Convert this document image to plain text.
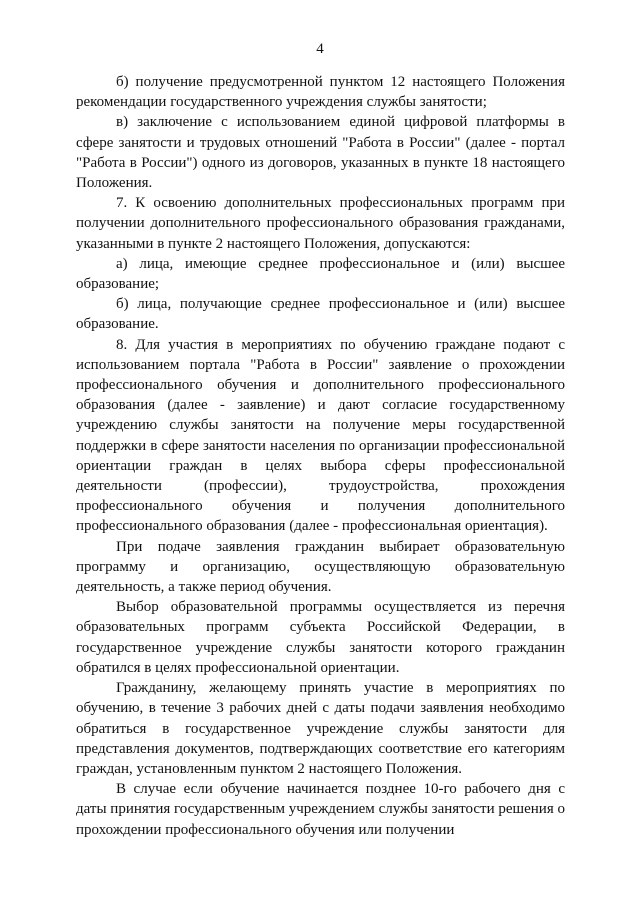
4

б) получение предусмотренной пунктом 12 настоящего Положения рекомендации государственного учреждения службы занятости;

в) заключение с использованием единой цифровой платформы в сфере занятости и трудовых отношений "Работа в России" (далее - портал "Работа в России") одного из договоров, указанных в пункте 18 настоящего Положения.

7. К освоению дополнительных профессиональных программ при получении дополнительного профессионального образования гражданами, указанными в пункте 2 настоящего Положения, допускаются:

а) лица, имеющие среднее профессиональное и (или) высшее образование;

б) лица, получающие среднее профессиональное и (или) высшее образование.

8. Для участия в мероприятиях по обучению граждане подают с использованием портала "Работа в России" заявление о прохождении профессионального обучения и дополнительного профессионального образования (далее - заявление) и дают согласие государственному учреждению службы занятости на получение меры государственной поддержки в сфере занятости населения по организации профессиональной ориентации граждан в целях выбора сферы профессиональной деятельности (профессии), трудоустройства, прохождения профессионального обучения и получения дополнительного профессионального образования (далее - профессиональная ориентация).

При подаче заявления гражданин выбирает образовательную программу и организацию, осуществляющую образовательную деятельность, а также период обучения.

Выбор образовательной программы осуществляется из перечня образовательных программ субъекта Российской Федерации, в государственное учреждение службы занятости которого гражданин обратился в целях профессиональной ориентации.

Гражданину, желающему принять участие в мероприятиях по обучению, в течение 3 рабочих дней с даты подачи заявления необходимо обратиться в государственное учреждение службы занятости для представления документов, подтверждающих соответствие его категориям граждан, установленным пунктом 2 настоящего Положения.

В случае если обучение начинается позднее 10-го рабочего дня с даты принятия государственным учреждением службы занятости решения о прохождении профессионального обучения или получении
